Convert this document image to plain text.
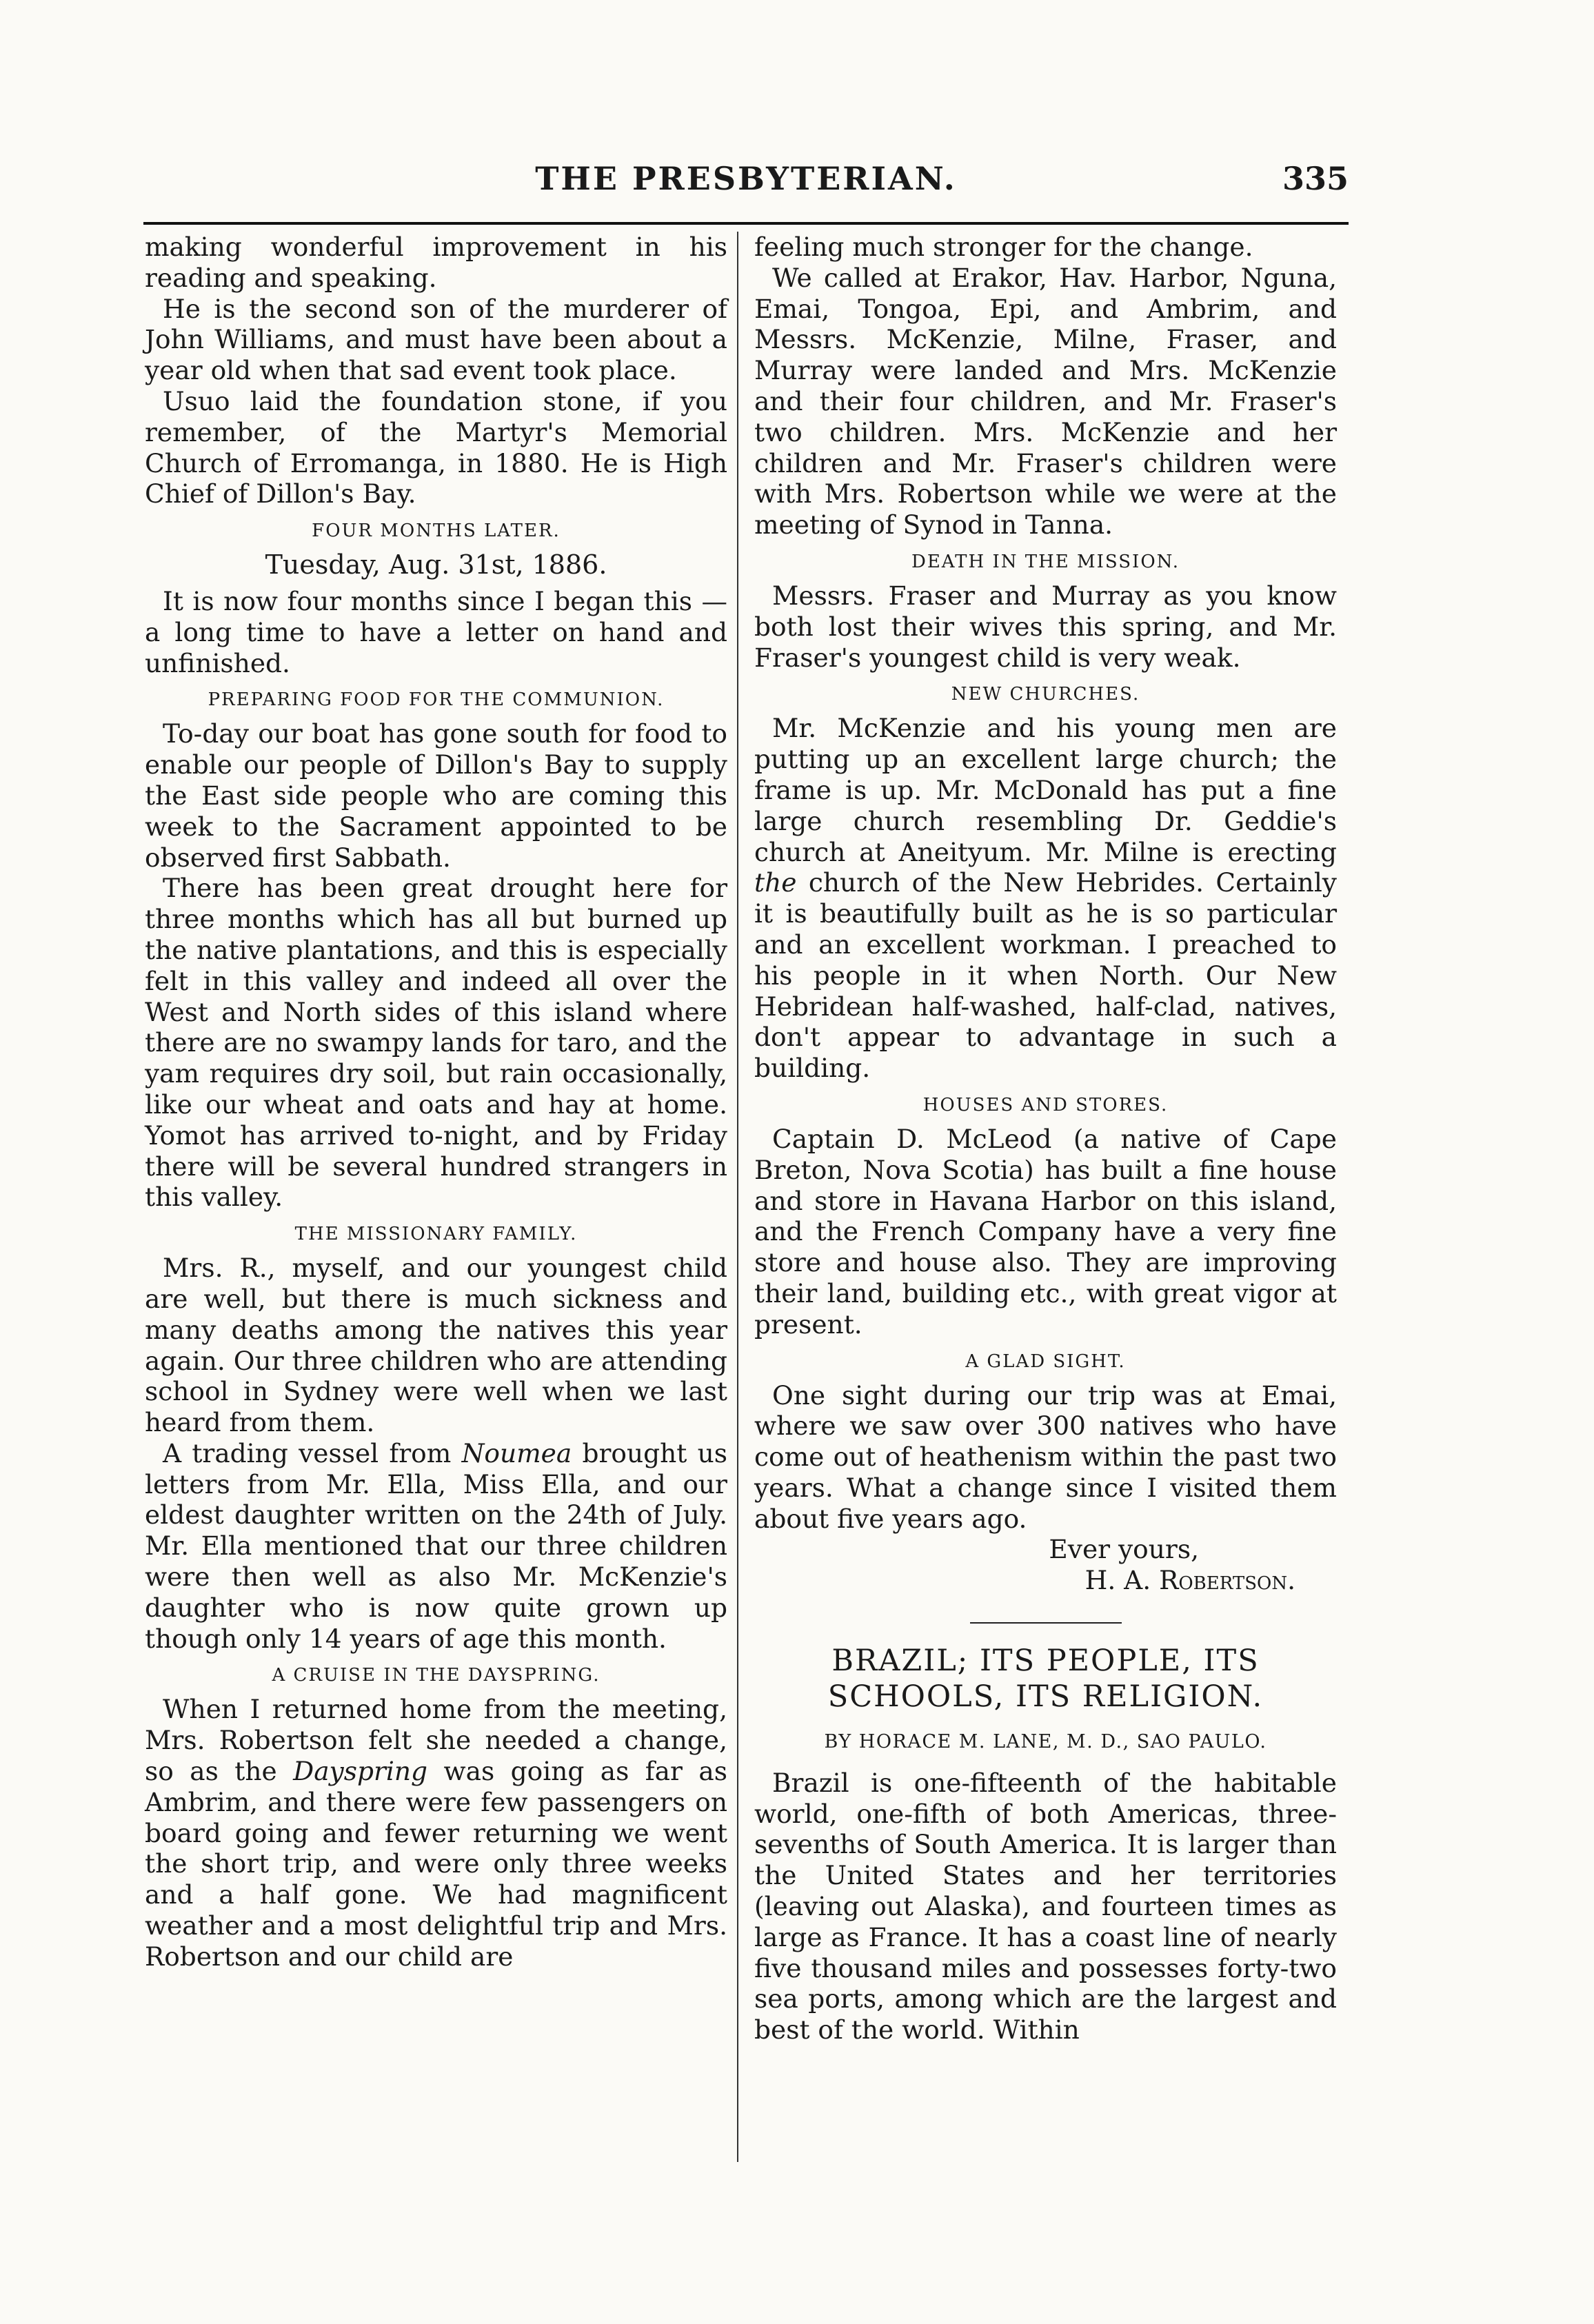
THE PRESBYTERIAN.	335

making wonderful improvement in his reading and speaking.

He is the second son of the murderer of John Williams, and must have been about a year old when that sad event took place.

Usuo laid the foundation stone, if you remember, of the Martyr's Memorial Church of Erromanga, in 1880. He is High Chief of Dillon's Bay.

FOUR MONTHS LATER.

Tuesday, Aug. 31st, 1886.

It is now four months since I began this —a long time to have a letter on hand and unfinished.

PREPARING FOOD FOR THE COMMUNION.

To-day our boat has gone south for food to enable our people of Dillon's Bay to supply the East side people who are coming this week to the Sacrament appointed to be observed first Sabbath.

There has been great drought here for three months which has all but burned up the native plantations, and this is especially felt in this valley and indeed all over the West and North sides of this island where there are no swampy lands for taro, and the yam requires dry soil, but rain occasionally, like our wheat and oats and hay at home. Yomot has arrived to-night, and by Friday there will be several hundred strangers in this valley.

THE MISSIONARY FAMILY.

Mrs. R., myself, and our youngest child are well, but there is much sickness and many deaths among the natives this year again. Our three children who are attending school in Sydney were well when we last heard from them.

A trading vessel from Noumea brought us letters from Mr. Ella, Miss Ella, and our eldest daughter written on the 24th of July. Mr. Ella mentioned that our three children were then well as also Mr. McKenzie's daughter who is now quite grown up though only 14 years of age this month.

A CRUISE IN THE DAYSPRING.

When I returned home from the meeting, Mrs. Robertson felt she needed a change, so as the Dayspring was going as far as Ambrim, and there were few passengers on board going and fewer returning we went the short trip, and were only three weeks and a half gone. We had magnificent weather and a most delightful trip and Mrs. Robertson and our child are

feeling much stronger for the change.

We called at Erakor, Hav. Harbor, Nguna, Emai, Tongoa, Epi, and Ambrim, and Messrs. McKenzie, Milne, Fraser, and Murray were landed and Mrs. McKenzie and their four children, and Mr. Fraser's two children. Mrs. McKenzie and her children and Mr. Fraser's children were with Mrs. Robertson while we were at the meeting of Synod in Tanna.

DEATH IN THE MISSION.

Messrs. Fraser and Murray as you know both lost their wives this spring, and Mr. Fraser's youngest child is very weak.

NEW CHURCHES.

Mr. McKenzie and his young men are putting up an excellent large church; the frame is up. Mr. McDonald has put a fine large church resembling Dr. Geddie's church at Aneityum. Mr. Milne is erecting the church of the New Hebrides. Certainly it is beautifully built as he is so particular and an excellent workman. I preached to his people in it when North. Our New Hebridean half-washed, half-clad, natives, don't appear to advantage in such a building.

HOUSES AND STORES.

Captain D. McLeod (a native of Cape Breton, Nova Scotia) has built a fine house and store in Havana Harbor on this island, and the French Company have a very fine store and house also. They are improving their land, building etc., with great vigor at present.

A GLAD SIGHT.

One sight during our trip was at Emai, where we saw over 300 natives who have come out of heathenism within the past two years. What a change since I visited them about five years ago.

Ever yours,

H. A. Robertson.

BRAZIL; ITS PEOPLE, ITS SCHOOLS, ITS RELIGION.

BY HORACE M. LANE, M. D., SAO PAULO.

Brazil is one-fifteenth of the habitable world, one-fifth of both Americas, three-sevenths of South America. It is larger than the United States and her territories (leaving out Alaska), and fourteen times as large as France. It has a coast line of nearly five thousand miles and possesses forty-two sea ports, among which are the largest and best of the world. Within
